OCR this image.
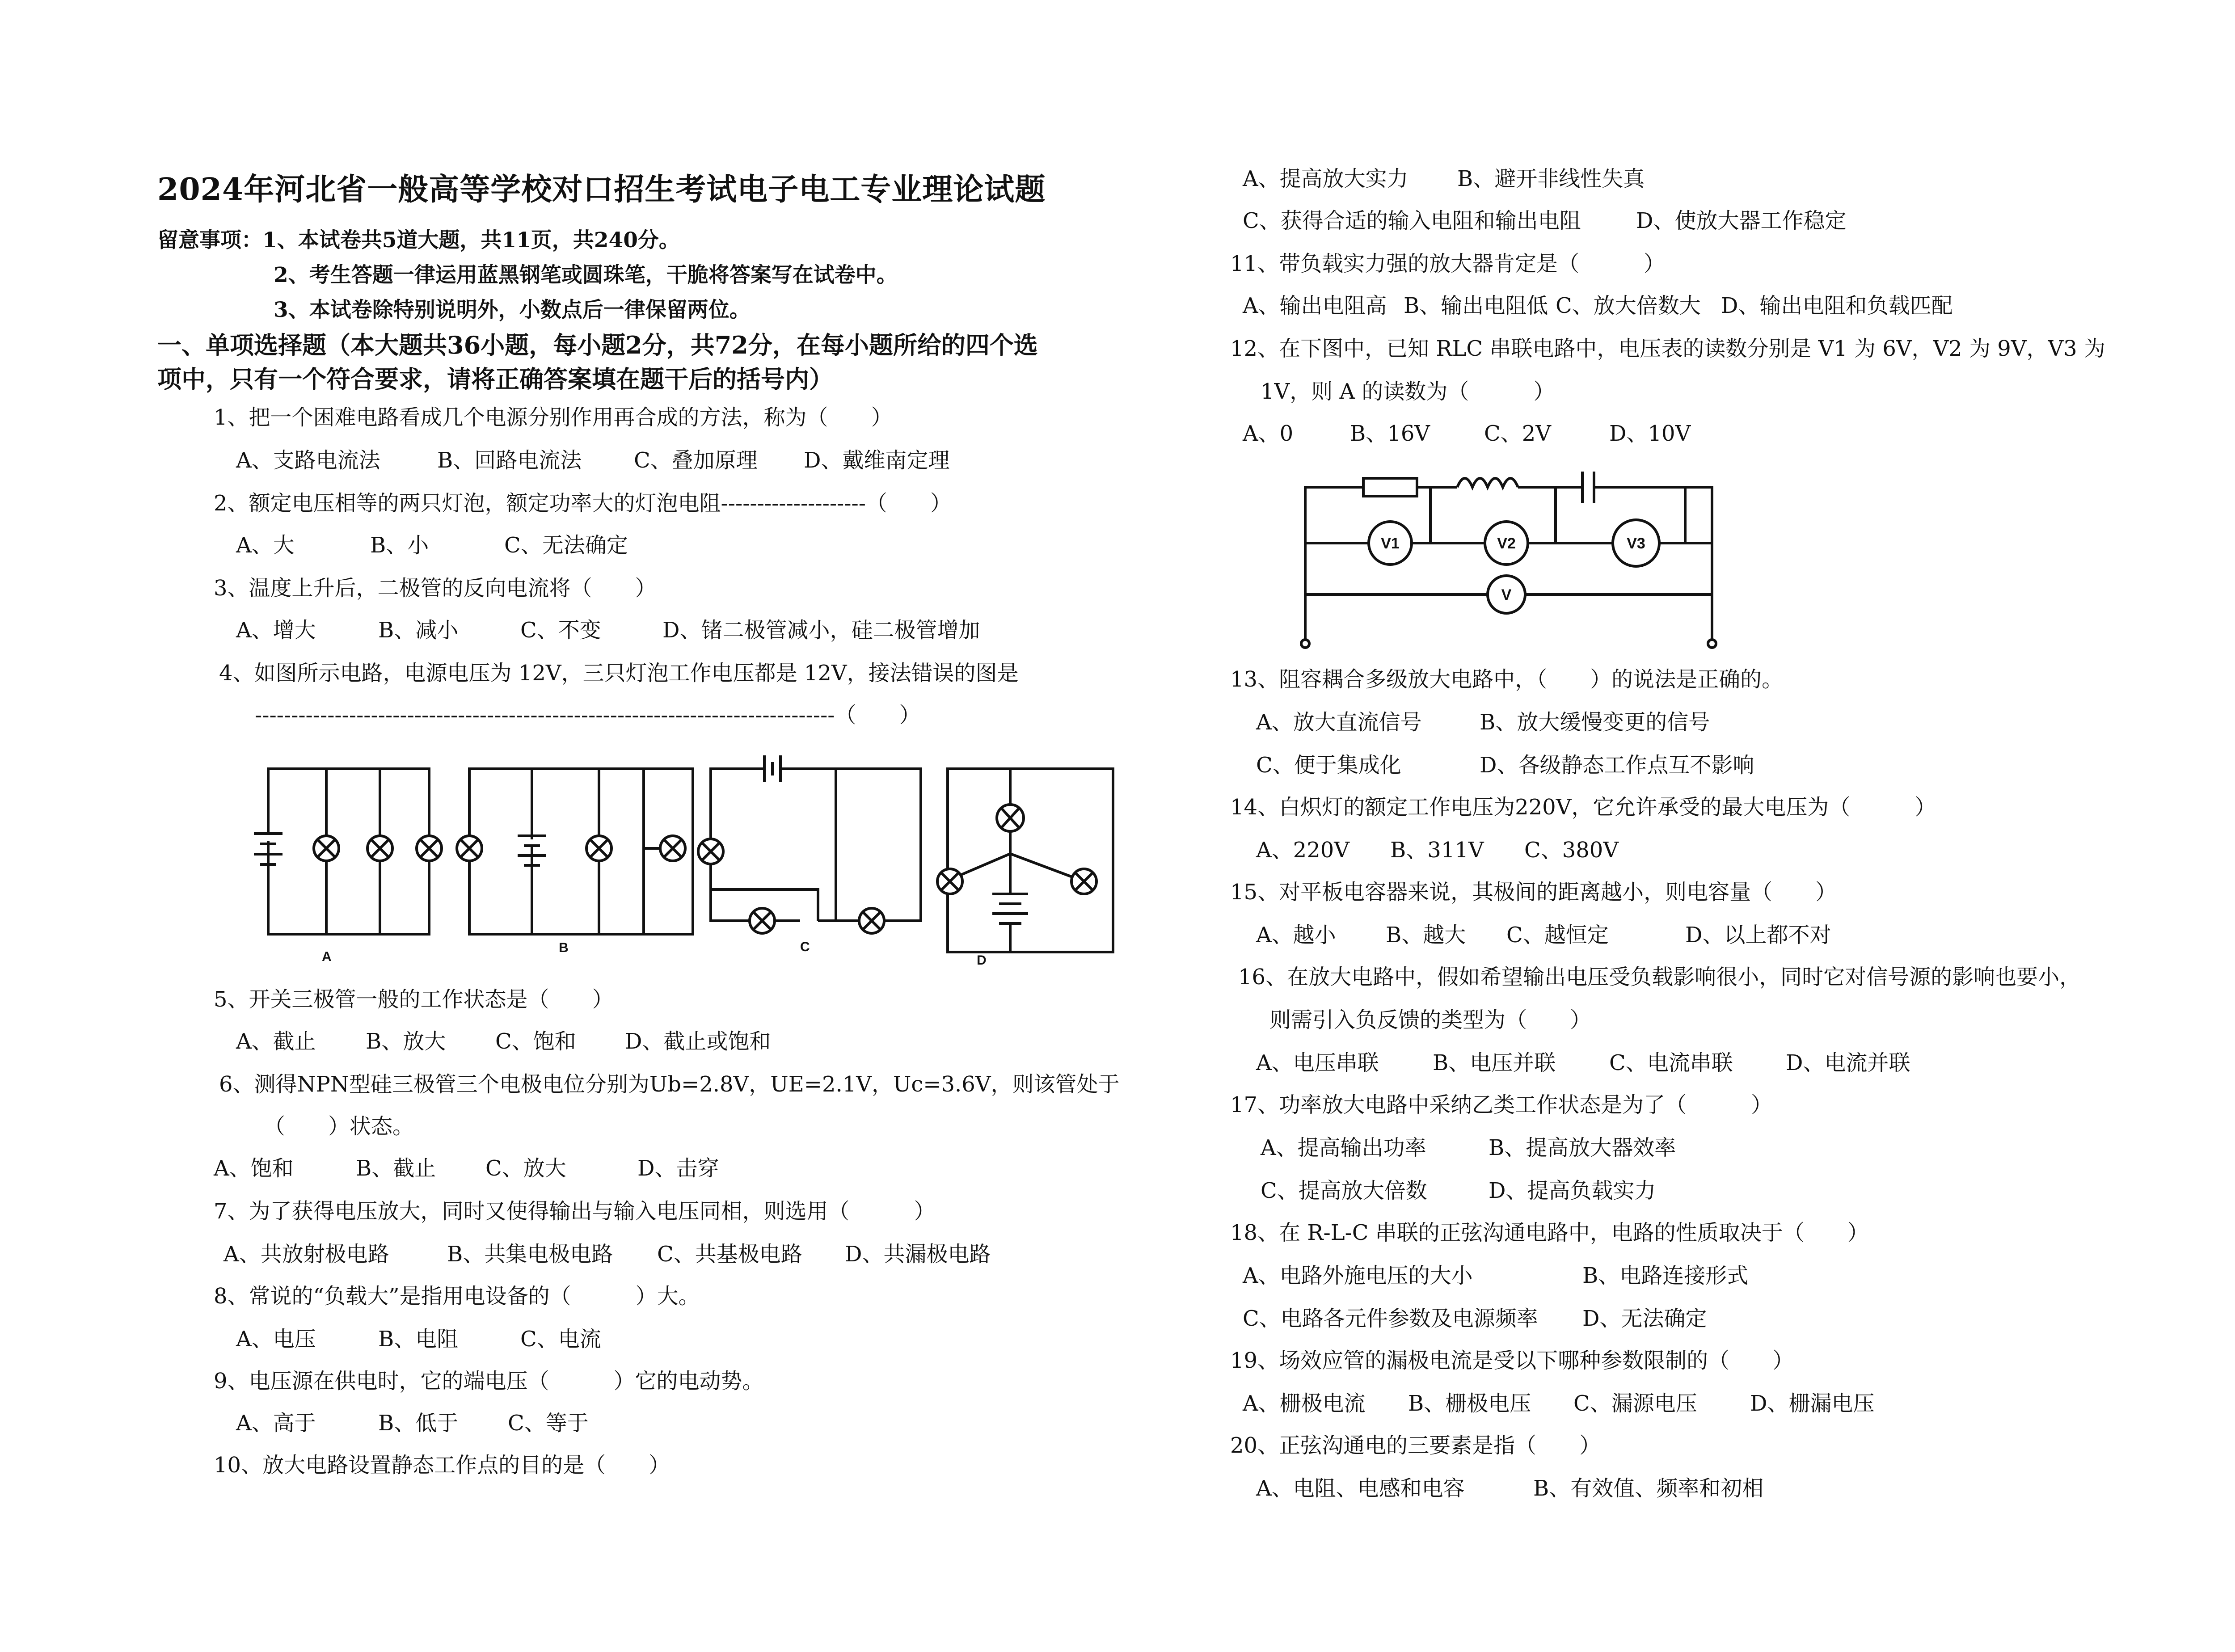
2024年河北省一般高等学校对口招生考试电子电工专业理论试题
留意事项：1、本试卷共5道大题，共11页，共240分。
2、考生答题一律运用蓝黑钢笔或圆珠笔，干脆将答案写在试卷中。
3、本试卷除特别说明外，小数点后一律保留两位。
一、单项选择题（本大题共36小题，每小题2分，共72分，在每小题所给的四个选
项中，只有一个符合要求，请将正确答案填在题干后的括号内）
1、把一个困难电路看成几个电源分别作用再合成的方法，称为（　　）
A、支路电流法	B、回路电流法 C、叠加原理 D、戴维南定理
2、额定电压相等的两只灯泡，额定功率大的灯泡电阻--------------------（　　）
A、大	B、小	C、无法确定
3、温度上升后，二极管的反向电流将（　　）
A、增大	B、减小	C、不变	D、锗二极管减小，硅二极管增加
4、如图所示电路，电源电压为 12V，三只灯泡工作电压都是 12V，接法错误的图是
--------------------------------------------------------------------------------（　　）
A
B	C
D
5、开关三极管一般的工作状态是（　　）
A、截止 B、放大 C、饱和 D、截止或饱和
6、测得NPN型硅三极管三个电极电位分别为Ub=2.8V，UE=2.1V，Uc=3.6V，则该管处于
（　　）状态。
A、饱和	B、截止 C、放大	D、击穿
7、为了获得电压放大，同时又使得输出与输入电压同相，则选用（　　　）
A、共放射极电路	B、共集电极电路 C、共基极电路 D、共漏极电路
8、常说的“负载大”是指用电设备的（　　　）大。
A、电压	B、电阻	C、电流
9、电压源在供电时，它的端电压（　　　）它的电动势。
A、高于	B、低于 C、等于
10、放大电路设置静态工作点的目的是（　　）
A、提高放大实力 B、避开非线性失真
C、获得合适的输入电阻和输出电阻	D、使放大器工作稳定
11、带负载实力强的放大器肯定是（　　　）
A、输出电阻高 B、输出电阻低 C、放大倍数大 D、输出电阻和负载匹配
12、在下图中，已知 RLC 串联电路中，电压表的读数分别是 V1 为 6V，V2 为 9V，V3 为
1V，则 A 的读数为（　　　）
A、0	B、16V	C、2V	D、10V
V1	V2	V3
V
13、阻容耦合多级放大电路中，（　　）的说法是正确的。
A、放大直流信号	B、放大缓慢变更的信号
C、便于集成化	D、各级静态工作点互不影响
14、白炽灯的额定工作电压为220V，它允许承受的最大电压为（　　　）
A、220V B、311V C、380V
15、对平板电容器来说，其极间的距离越小，则电容量（　　）
A、越小 B、越大 C、越恒定	D、以上都不对
16、在放大电路中，假如希望输出电压受负载影响很小，同时它对信号源的影响也要小，
则需引入负反馈的类型为（　　）
A、电压串联	B、电压并联 C、电流串联 D、电流并联
17、功率放大电路中采纳乙类工作状态是为了（　　　）
A、提高输出功率	B、提高放大器效率
C、提高放大倍数	D、提高负载实力
18、在 R-L-C 串联的正弦沟通电路中，电路的性质取决于（　　）
A、电路外施电压的大小	B、电路连接形式
C、电路各元件参数及电源频率 D、无法确定
19、场效应管的漏极电流是受以下哪种参数限制的（　　）
A、栅极电流 B、栅极电压 C、漏源电压 D、栅漏电压
20、正弦沟通电的三要素是指（　　）
A、电阻、电感和电容	B、有效值、频率和初相
